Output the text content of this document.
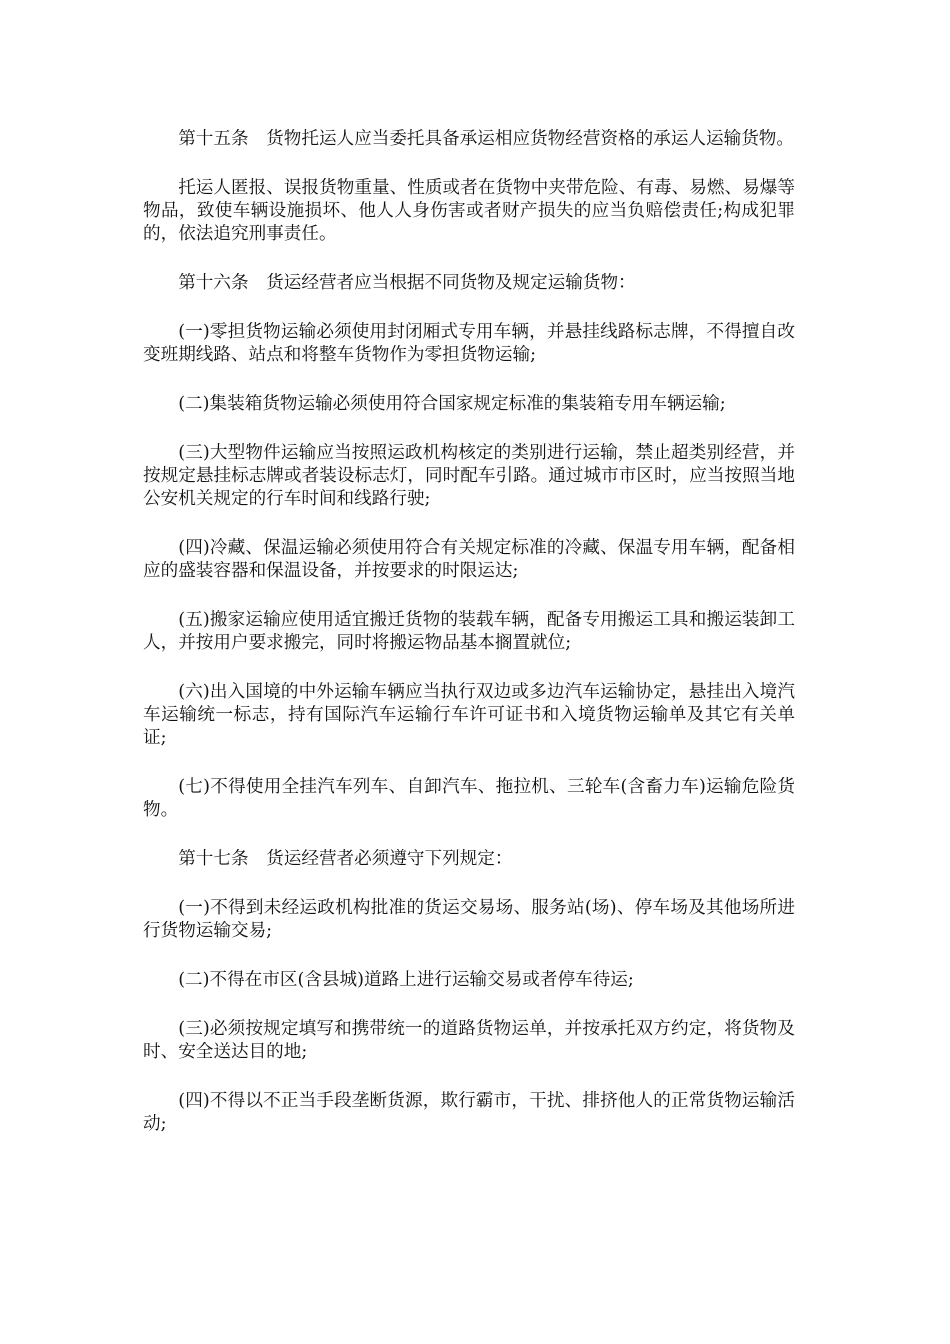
第十五条　货物托运人应当委托具备承运相应货物经营资格的承运人运输货物。

托运人匿报、误报货物重量、性质或者在货物中夹带危险、有毒、易燃、易爆等物品，致使车辆设施损坏、他人人身伤害或者财产损失的应当负赔偿责任;构成犯罪的，依法追究刑事责任。

第十六条　货运经营者应当根据不同货物及规定运输货物：

(一)零担货物运输必须使用封闭厢式专用车辆，并悬挂线路标志牌，不得擅自改变班期线路、站点和将整车货物作为零担货物运输;

(二)集装箱货物运输必须使用符合国家规定标准的集装箱专用车辆运输;

(三)大型物件运输应当按照运政机构核定的类别进行运输，禁止超类别经营，并按规定悬挂标志牌或者装设标志灯，同时配车引路。通过城市市区时，应当按照当地公安机关规定的行车时间和线路行驶;

(四)冷藏、保温运输必须使用符合有关规定标准的冷藏、保温专用车辆，配备相应的盛装容器和保温设备，并按要求的时限运达;

(五)搬家运输应使用适宜搬迁货物的装载车辆，配备专用搬运工具和搬运装卸工人，并按用户要求搬完，同时将搬运物品基本搁置就位;

(六)出入国境的中外运输车辆应当执行双边或多边汽车运输协定，悬挂出入境汽车运输统一标志，持有国际汽车运输行车许可证书和入境货物运输单及其它有关单证;

(七)不得使用全挂汽车列车、自卸汽车、拖拉机、三轮车(含畜力车)运输危险货物。

第十七条　货运经营者必须遵守下列规定：

(一)不得到未经运政机构批准的货运交易场、服务站(场)、停车场及其他场所进行货物运输交易;

(二)不得在市区(含县城)道路上进行运输交易或者停车待运;

(三)必须按规定填写和携带统一的道路货物运单，并按承托双方约定，将货物及时、安全送达目的地;

(四)不得以不正当手段垄断货源，欺行霸市，干扰、排挤他人的正常货物运输活动;
